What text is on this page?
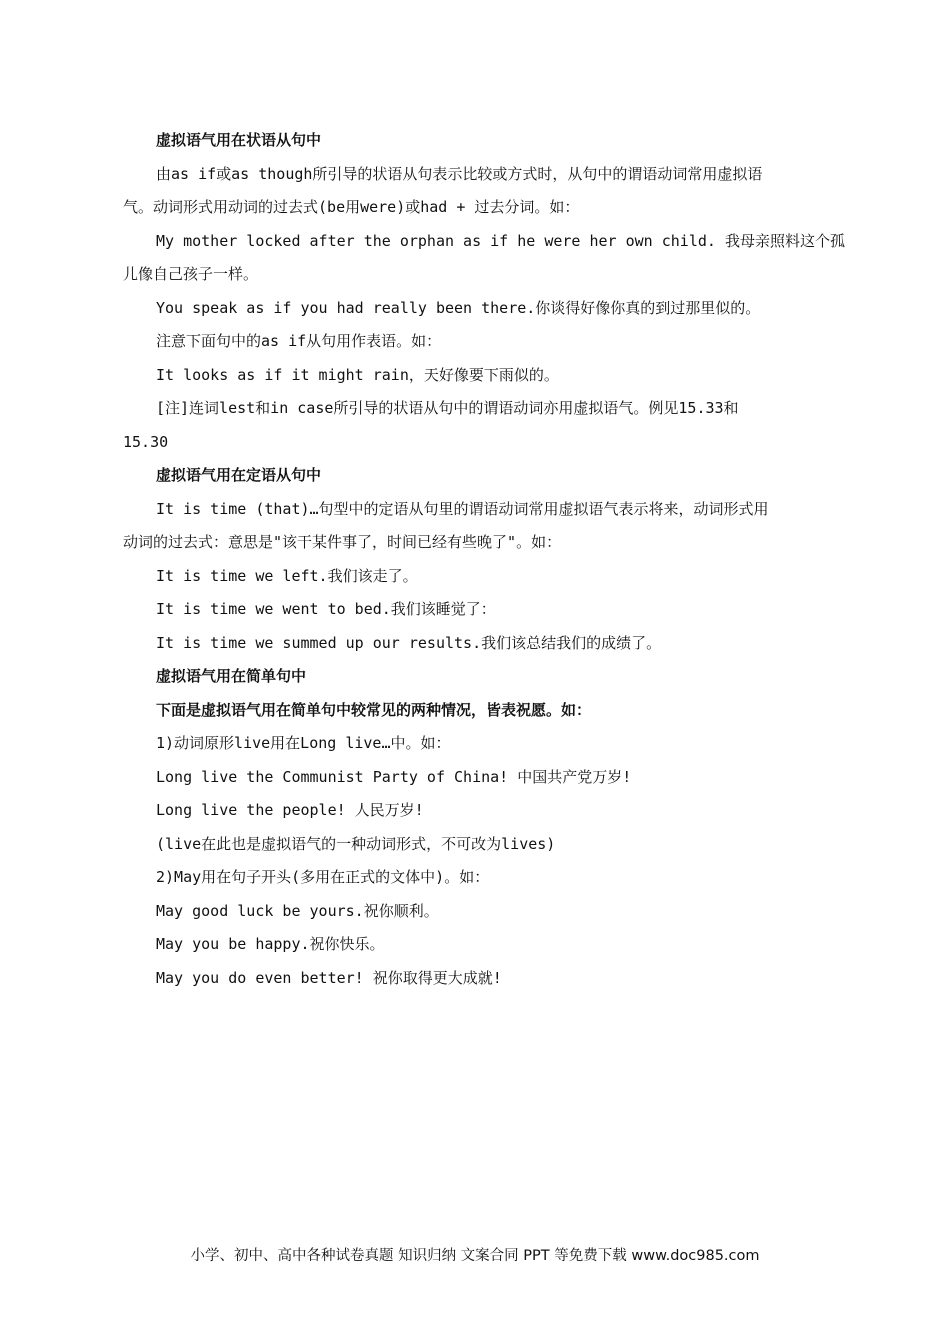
虚拟语气用在状语从句中

由as if或as though所引导的状语从句表示比较或方式时，从句中的谓语动词常用虚拟语

气。动词形式用动词的过去式(be用were)或had + 过去分词。如：

My mother locked after the orphan as if he were her own child. 我母亲照料这个孤

儿像自己孩子一样。

You speak as if you had really been there.你谈得好像你真的到过那里似的。

注意下面句中的as if从句用作表语。如：

It looks as if it might rain，天好像要下雨似的。

[注]连词lest和in case所引导的状语从句中的谓语动词亦用虚拟语气。例见15.33和

15.30

虚拟语气用在定语从句中

It is time (that)…句型中的定语从句里的谓语动词常用虚拟语气表示将来，动词形式用

动词的过去式：意思是"该干某件事了，时间已经有些晚了"。如：

It is time we left.我们该走了。

It is time we went to bed.我们该睡觉了：

It is time we summed up our results.我们该总结我们的成绩了。

虚拟语气用在简单句中

下面是虚拟语气用在简单句中较常见的两种情况，皆表祝愿。如：

1)动词原形live用在Long live…中。如：

Long live the Communist Party of China! 中国共产党万岁!

Long live the people! 人民万岁!

(live在此也是虚拟语气的一种动词形式，不可改为lives)

2)May用在句子开头(多用在正式的文体中)。如：

May good luck be yours.祝你顺利。

May you be happy.祝你快乐。

May you do even better! 祝你取得更大成就!

小学、初中、高中各种试卷真题 知识归纳 文案合同 PPT 等免费下载 www.doc985.com
